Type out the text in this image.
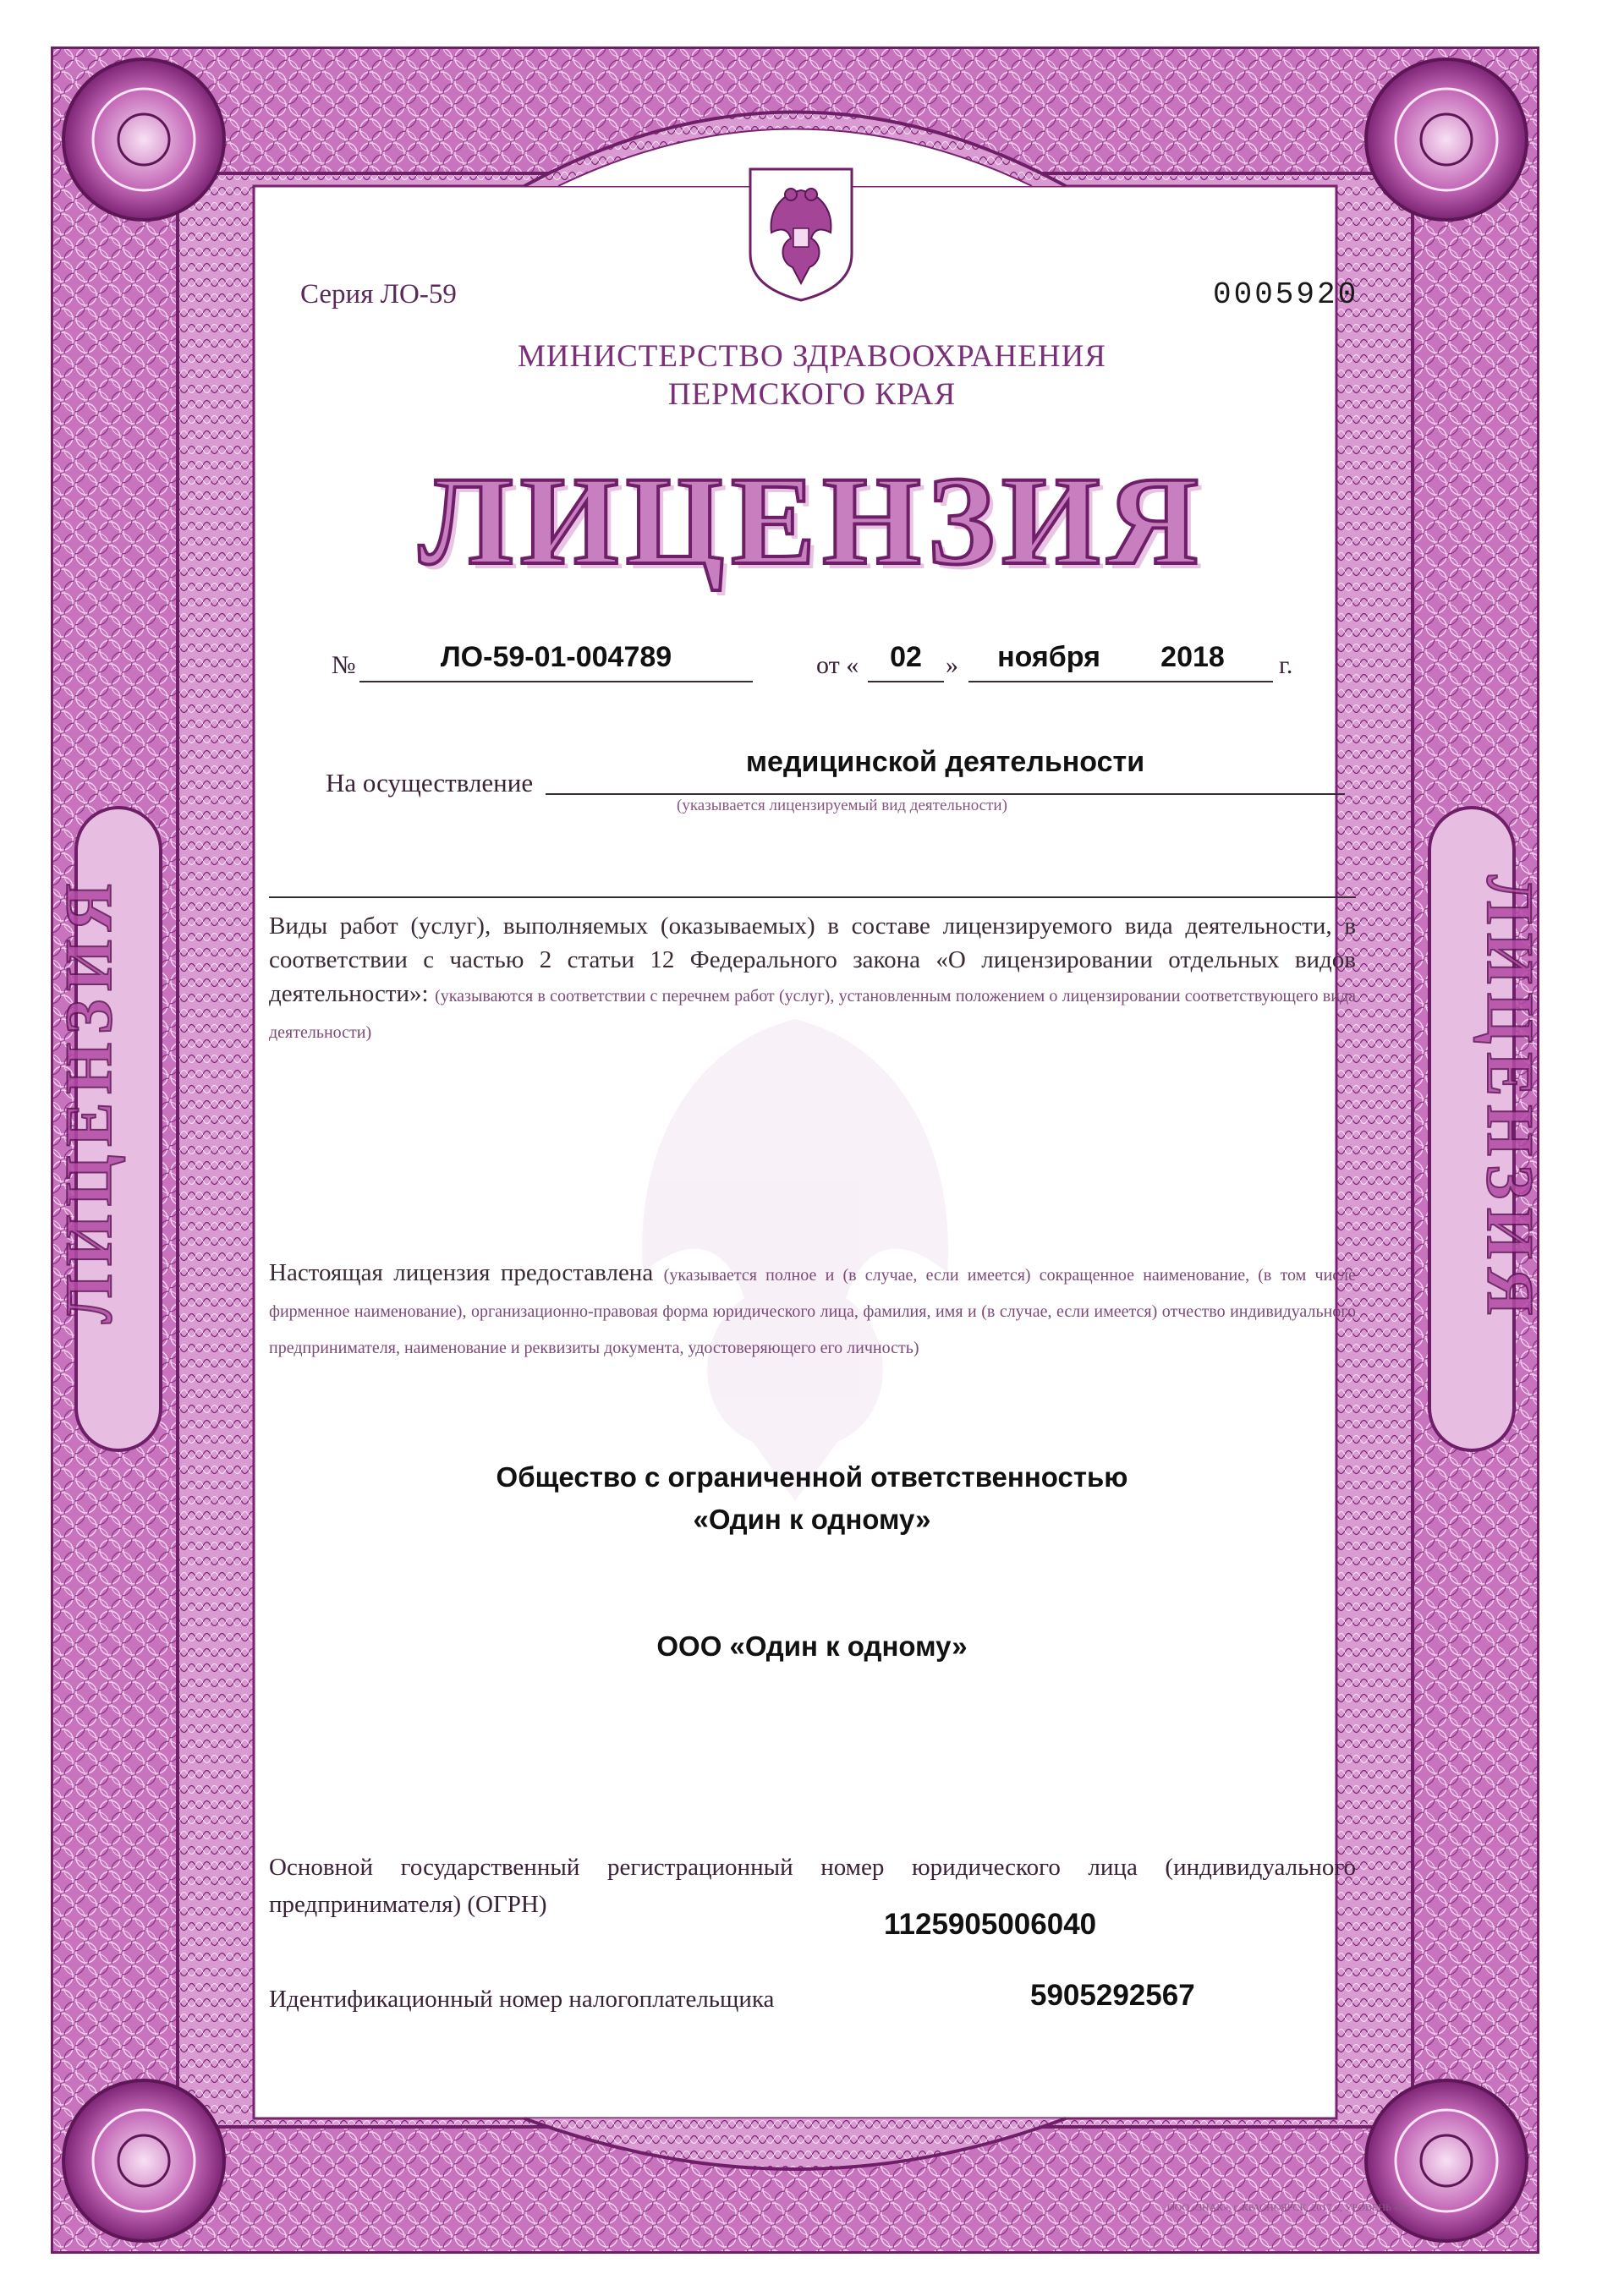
ЛИЦЕНЗИЯ	ЛИЦЕНЗИЯ
Серия ЛО-59	0005920
МИНИСТЕРСТВО ЗДРАВООХРАНЕНИЯ
ПЕРМСКОГО КРАЯ
ЛИЦЕНЗИЯ
№	ЛО-59-01-004789	от «	02 »	ноября	2018	г.
На осуществление
медицинской деятельности
(указывается лицензируемый вид деятельности)
Виды работ (услуг), выполняемых (оказываемых) в составе лицензируемого вида деятельности, в соответствии с частью 2 статьи 12 Федерального закона «О лицензировании отдельных видов деятельности»: (указываются в соответствии с перечнем работ (услуг), установленным положением о лицензировании соответствующего вида деятельности)
Настоящая лицензия предоставлена (указывается полное и (в случае, если имеется) сокращенное наименование, (в том числе фирменное наименование), организационно-правовая форма юридического лица, фамилия, имя и (в случае, если имеется) отчество индивидуального предпринимателя, наименование и реквизиты документа, удостоверяющего его личность)
Общество с ограниченной ответственностью
«Один к одному»
ООО «Один к одному»
Основной государственный регистрационный номер юридического лица (индивидуального
предпринимателя) (ОГРН)
1125905006040
Идентификационный номер налогоплательщика	5905292567
ООО «ЗНАК», г. КРАСНОЯРСК, 2017 г., УРОВЕНЬ «В»
